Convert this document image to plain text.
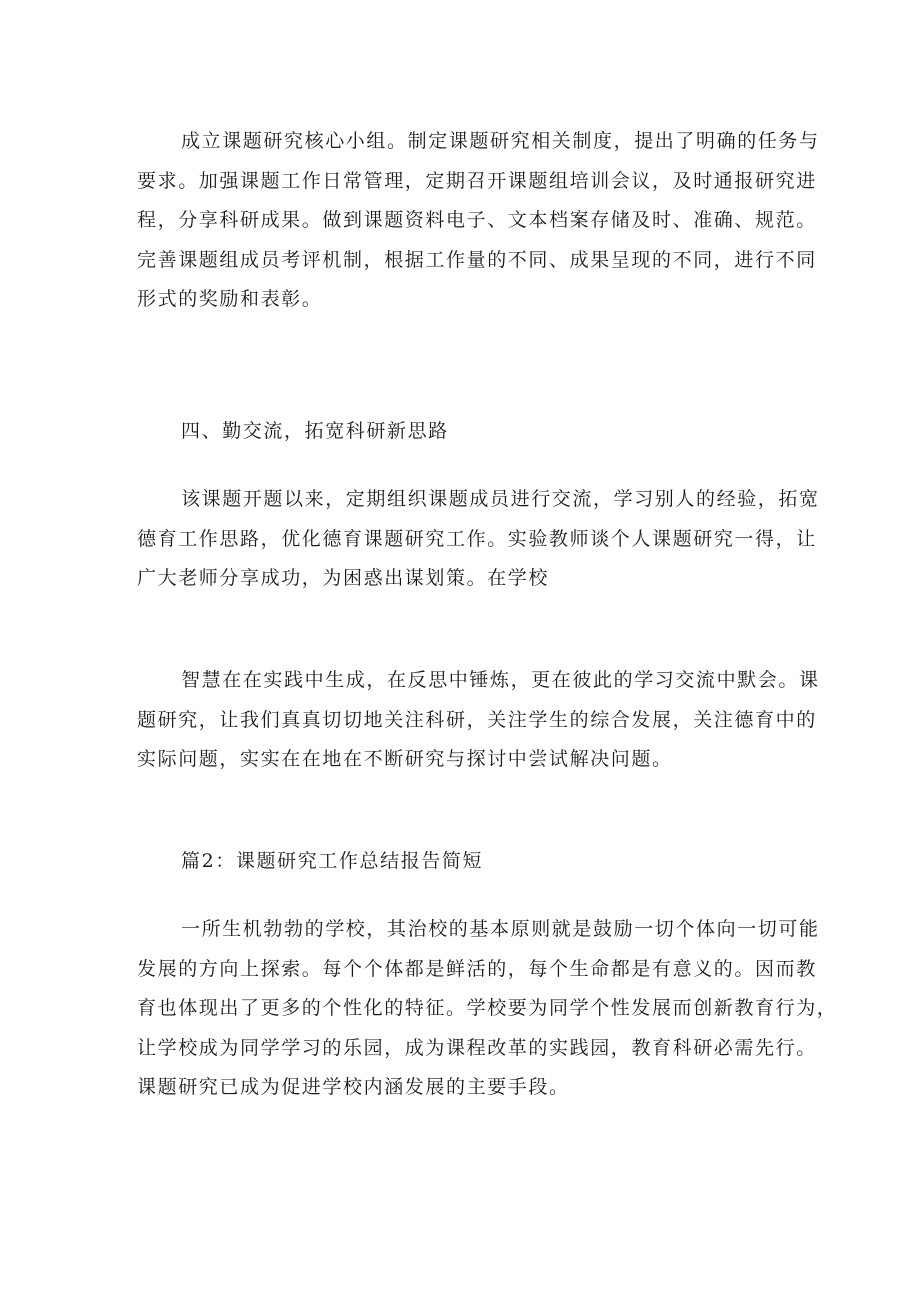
成立课题研究核心小组。制定课题研究相关制度，提出了明确的任务与
要求。加强课题工作日常管理，定期召开课题组培训会议，及时通报研究进
程，分享科研成果。做到课题资料电子、文本档案存储及时、准确、规范。
完善课题组成员考评机制，根据工作量的不同、成果呈现的不同，进行不同
形式的奖励和表彰。
四、勤交流，拓宽科研新思路
该课题开题以来，定期组织课题成员进行交流，学习别人的经验，拓宽
德育工作思路，优化德育课题研究工作。实验教师谈个人课题研究一得，让
广大老师分享成功，为困惑出谋划策。在学校
智慧在在实践中生成，在反思中锤炼，更在彼此的学习交流中默会。课
题研究，让我们真真切切地关注科研，关注学生的综合发展，关注德育中的
实际问题，实实在在地在不断研究与探讨中尝试解决问题。
篇2：课题研究工作总结报告简短
一所生机勃勃的学校，其治校的基本原则就是鼓励一切个体向一切可能
发展的方向上探索。每个个体都是鲜活的，每个生命都是有意义的。因而教
育也体现出了更多的个性化的特征。学校要为同学个性发展而创新教育行为，
让学校成为同学学习的乐园，成为课程改革的实践园，教育科研必需先行。
课题研究已成为促进学校内涵发展的主要手段。
